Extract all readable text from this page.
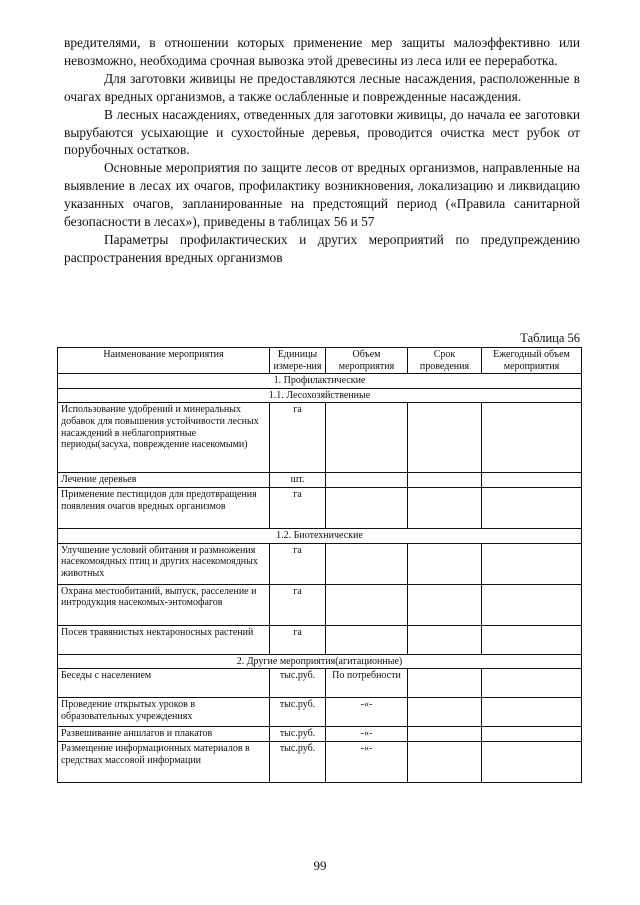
вредителями, в отношении которых применение мер защиты малоэффективно или невозможно, необходима срочная вывозка этой древесины из леса или ее переработка.

Для заготовки живицы не предоставляются лесные насаждения, расположенные в очагах вредных организмов, а также ослабленные и поврежденные насаждения.

В лесных насаждениях, отведенных для заготовки живицы, до начала ее заготовки вырубаются усыхающие и сухостойные деревья, проводится очистка мест рубок от порубочных остатков.

Основные мероприятия по защите лесов от вредных организмов, направленные на выявление в лесах их очагов, профилактику возникновения, локализацию и ликвидацию указанных очагов, запланированные на предстоящий период («Правила санитарной безопасности в лесах»), приведены в таблицах 56 и 57

Параметры профилактических и других мероприятий по предупреждению распространения вредных организмов

Таблица 56
Наименование мероприятия	Единицы измере-ния	Объем мероприятия	Срок проведения	Ежегодный объем мероприятия
1. Профилактические				
1.1. Лесохозяйственные				
Использование удобрений и минеральных добавок для повышения устойчивости лесных насаждений в неблагоприятные периоды(засуха, повреждение насекомыми)	га			
Лечение деревьев	шт.			
Применение пестицидов для предотвращения появления очагов вредных организмов	га			
1.2. Биотехнические				
Улучшение условий обитания и размножения насекомоядных птиц и других насекомоядных животных	га			
Охрана местообитаний, выпуск, расселение и интродукция насекомых-энтомофагов	га			
Посев травянистых нектароносных растений	га			
2. Другие мероприятия(агитационные)				
Беседы с населением	тыс.руб.	По потребности		
Проведение открытых уроков в образовательных учреждениях	тыс.руб.	-«-		
Развешивание аншлагов и плакатов	тыс.руб.	-«-		
Размещение информационных материалов в средствах массовой информации	тыс.руб.	-«-		
99
